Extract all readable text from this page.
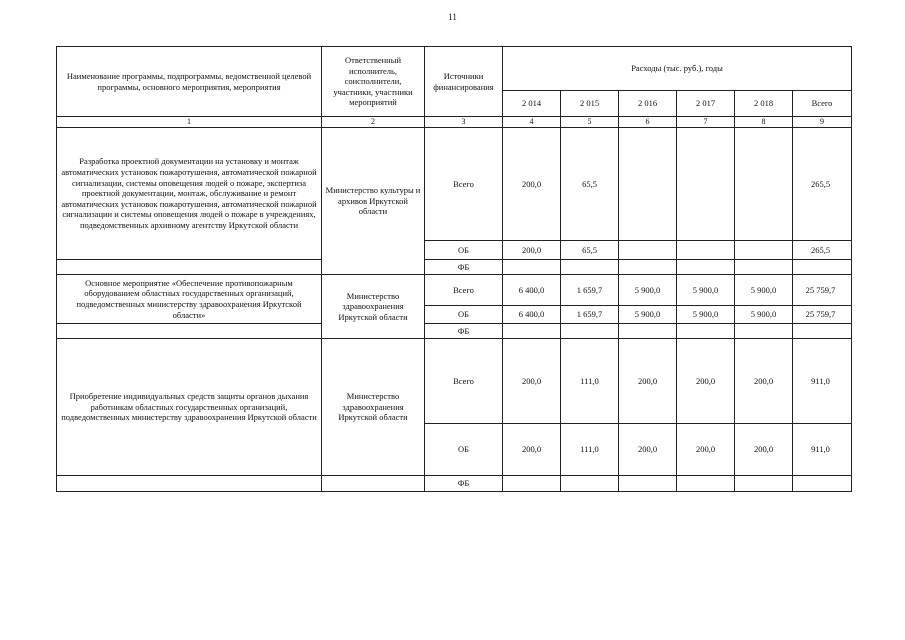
11
Наименование программы, подпрограммы, ведомственной целевой программы, основного мероприятия, мероприятия	Ответственный исполнитель, соисполнители, участники, участники мероприятий	Источники финансирования	Расходы (тыс. руб.), годы					
			2 014	2 015	2 016	2 017	2 018	Всего
1	2	3	4	5	6	7	8	9
Разработка проектной документации на установку и монтаж автоматических установок пожаротушения, автоматической пожарной сигнализации, системы оповещения людей о пожаре, экспертиза проектной документации, монтаж, обслуживание и ремонт автоматических установок пожаротушения, автоматической пожарной сигнализации и системы оповещения людей о пожаре в учреждениях, подведомственных архивному агентству Иркутской области	Министерство культуры и архивов Иркутской области	Всего	200,0	65,5				265,5
		ОБ	200,0	65,5				265,5
		ФБ						
Основное мероприятие «Обеспечение противопожарным оборудованием областных государственных организаций, подведомственных министерству здравоохранения Иркутской области»	Министерство здравоохранения Иркутской области	Всего	6 400,0	1 659,7	5 900,0	5 900,0	5 900,0	25 759,7
		ОБ	6 400,0	1 659,7	5 900,0	5 900,0	5 900,0	25 759,7
		ФБ						
Приобретение индивидуальных средств защиты органов дыхания работникам областных государственных организаций, подведомственных министерству здравоохранения Иркутской области	Министерство здравоохранения Иркутской области	Всего	200,0	111,0	200,0	200,0	200,0	911,0
		ОБ	200,0	111,0	200,0	200,0	200,0	911,0
		ФБ						
